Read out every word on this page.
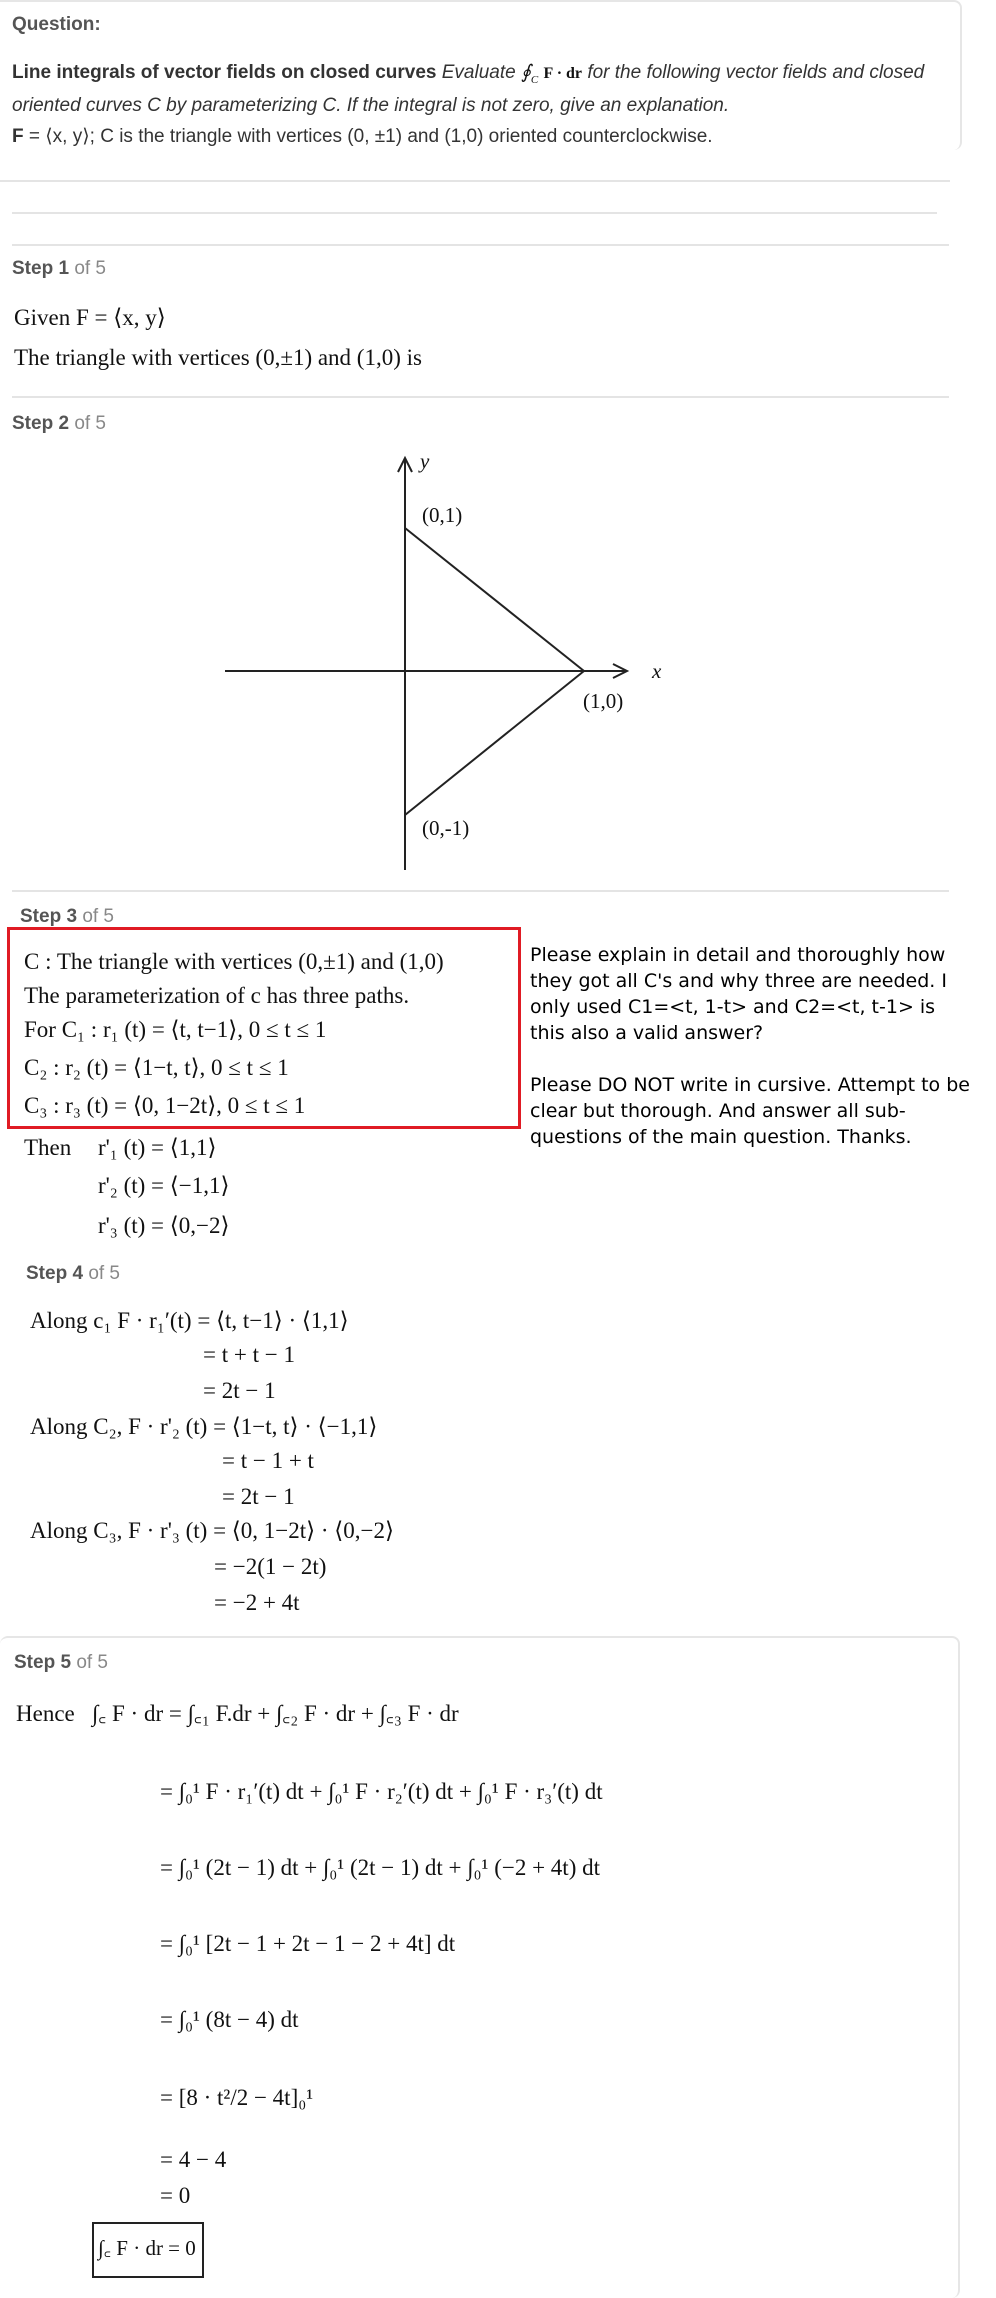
Question:
Line integrals of vector fields on closed curves Evaluate $∮_C$ F · dr for the following vector fields and closed oriented curves C by parameterizing C. If the integral is not zero, give an explanation.
F = ⟨x, y⟩; C is the triangle with vertices (0, ±1) and (1,0) oriented counterclockwise.
Step 1 of 5
Given F = ⟨x, y⟩
The triangle with vertices (0,±1) and (1,0) is
Step 2 of 5
y
x
(0,1)
(1,0)
(0,-1)
Step 3 of 5
C : The triangle with vertices (0,±1) and (1,0)
The parameterization of c has three paths.
For C₁ : r₁ (t) = ⟨t, t−1⟩, 0 ≤ t ≤ 1
C₂ : r₂ (t) = ⟨1−t, t⟩, 0 ≤ t ≤ 1
C₃ : r₃ (t) = ⟨0, 1−2t⟩, 0 ≤ t ≤ 1
Then r'₁ (t) = ⟨1,1⟩
r'₂ (t) = ⟨−1,1⟩
r'₃ (t) = ⟨0,−2⟩
Please explain in detail and thoroughly how they got all C's and why three are needed. I only used C1=<t, 1-t> and C2=<t, t-1> is this also a valid answer?
Please DO NOT write in cursive. Attempt to be clear but thorough. And answer all sub-questions of the main question. Thanks.
Step 4 of 5
Along c₁ F · r₁′(t) = ⟨t, t−1⟩ · ⟨1,1⟩
= t + t − 1
= 2t − 1
Along C₂, F · r'₂ (t) = ⟨1−t, t⟩ · ⟨−1,1⟩
= t − 1 + t
= 2t − 1
Along C₃, F · r'₃ (t) = ⟨0, 1−2t⟩ · ⟨0,−2⟩
= −2(1 − 2t)
= −2 + 4t
Step 5 of 5
Hence ∫꜀ F · dr = ∫꜀₁ F.dr + ∫꜀₂ F · dr + ∫꜀₃ F · dr
= ∫₀¹ F · r₁′(t) dt + ∫₀¹ F · r₂′(t) dt + ∫₀¹ F · r₃′(t) dt
= ∫₀¹ (2t − 1) dt + ∫₀¹ (2t − 1) dt + ∫₀¹ (−2 + 4t) dt
= ∫₀¹ [2t − 1 + 2t − 1 − 2 + 4t] dt
= ∫₀¹ (8t − 4) dt
= [8 · t²/2 − 4t]₀¹
= 4 − 4
= 0
∫꜀ F · dr = 0
